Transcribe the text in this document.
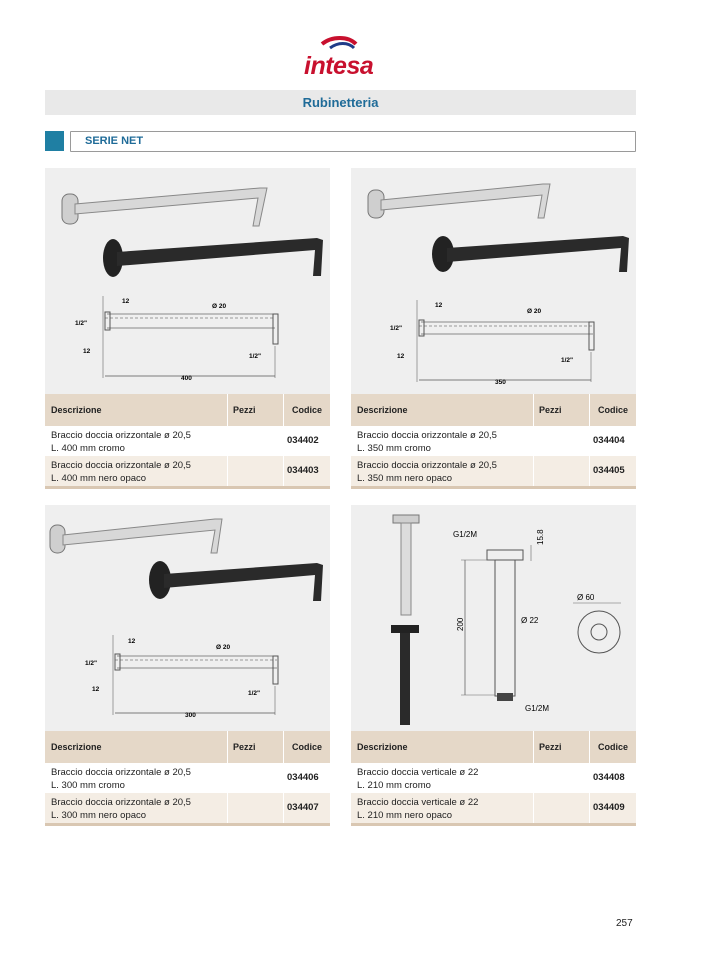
intesa
Rubinetteria
SERIE NET
12
1/2"
12
Ø 20
1/2"
400
Descrizione	Pezzi	Codice
Braccio doccia orizzontale ø 20,5
L. 400 mm cromo
034402
Braccio doccia orizzontale ø 20,5
L. 400 mm nero opaco
034403
12
1/2"
12
Ø 20
1/2"
350
Descrizione	Pezzi	Codice
Braccio doccia orizzontale ø 20,5
L. 350 mm cromo
034404
Braccio doccia orizzontale ø 20,5
L. 350 mm nero opaco
034405
12
1/2"
12
Ø 20
1/2"
300
Descrizione	Pezzi	Codice
Braccio doccia orizzontale ø 20,5
L. 300 mm cromo
034406
Braccio doccia orizzontale ø 20,5
L. 300 mm nero opaco
034407
G1/2M	15.8
200	Ø 22
Ø 60
G1/2M
Descrizione	Pezzi	Codice
Braccio doccia verticale ø 22
L. 210 mm cromo
034408
Braccio doccia verticale ø 22
L. 210 mm nero opaco
034409
257
